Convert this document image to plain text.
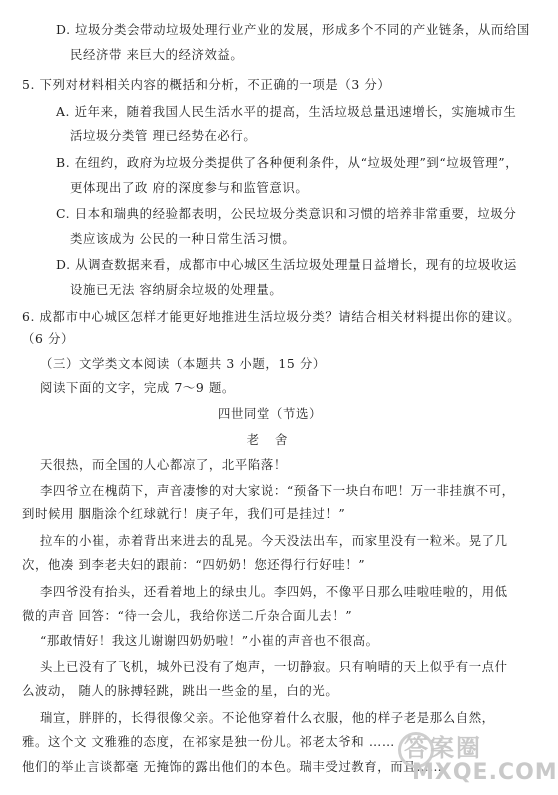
D. 垃圾分类会带动垃圾处理行业产业的发展，形成多个不同的产业链条，从而给国
民经济带 来巨大的经济效益。
5. 下列对材料相关内容的概括和分析，不正确的一项是（3 分）
A. 近年来，随着我国人民生活水平的提高，生活垃圾总量迅速增长，实施城市生
活垃圾分类管 理已经势在必行。
B. 在纽约，政府为垃圾分类提供了各种便利条件，从“垃圾处理”到“垃圾管理”，
更体现出了政 府的深度参与和监管意识。
C. 日本和瑞典的经验都表明，公民垃圾分类意识和习惯的培养非常重要，垃圾分
类应该成为 公民的一种日常生活习惯。
D. 从调查数据来看，成都市中心城区生活垃圾处理量日益增长，现有的垃圾收运
设施已无法 容纳厨余垃圾的处理量。
6. 成都市中心城区怎样才能更好地推进生活垃圾分类？请结合相关材料提出你的建议。
（6 分）
（三）文学类文本阅读（本题共 3 小题，15 分）
阅读下面的文字，完成 7～9 题。
四世同堂（节选）
老 舍
天很热，而全国的人心都凉了，北平陷落！
李四爷立在槐荫下，声音凄惨的对大家说：“预备下一块白布吧！万一非挂旗不可，
到时候用 胭脂涂个红球就行！庚子年，我们可是挂过！”
拉车的小崔，赤着背出来进去的乱晃。今天没法出车，而家里没有一粒米。晃了几
次，他凑 到李老夫妇的跟前：“四奶奶！您还得行行好哇！”
李四爷没有抬头，还看着地上的绿虫儿。李四妈，不像平日那么哇啦哇啦的，用低
微的声音 回答：“待一会儿，我给你送二斤杂合面儿去！”
“那敢情好！我这儿谢谢四奶奶啦！”小崔的声音也不很高。
头上已没有了飞机，城外已没有了炮声，一切静寂。只有响晴的天上似乎有一点什
么波动， 随人的脉搏轻跳，跳出一些金的星，白的光。
瑞宣，胖胖的，长得很像父亲。不论他穿着什么衣服，他的样子老是那么自然，
雅。这个文 文雅雅的态度，在祁家是独一份儿。祁老太爷和 ……
他们的举止言谈都毫 无掩饰的露出他们的本色。瑞丰受过教育，而且……
答案圈
MXQE.COM
